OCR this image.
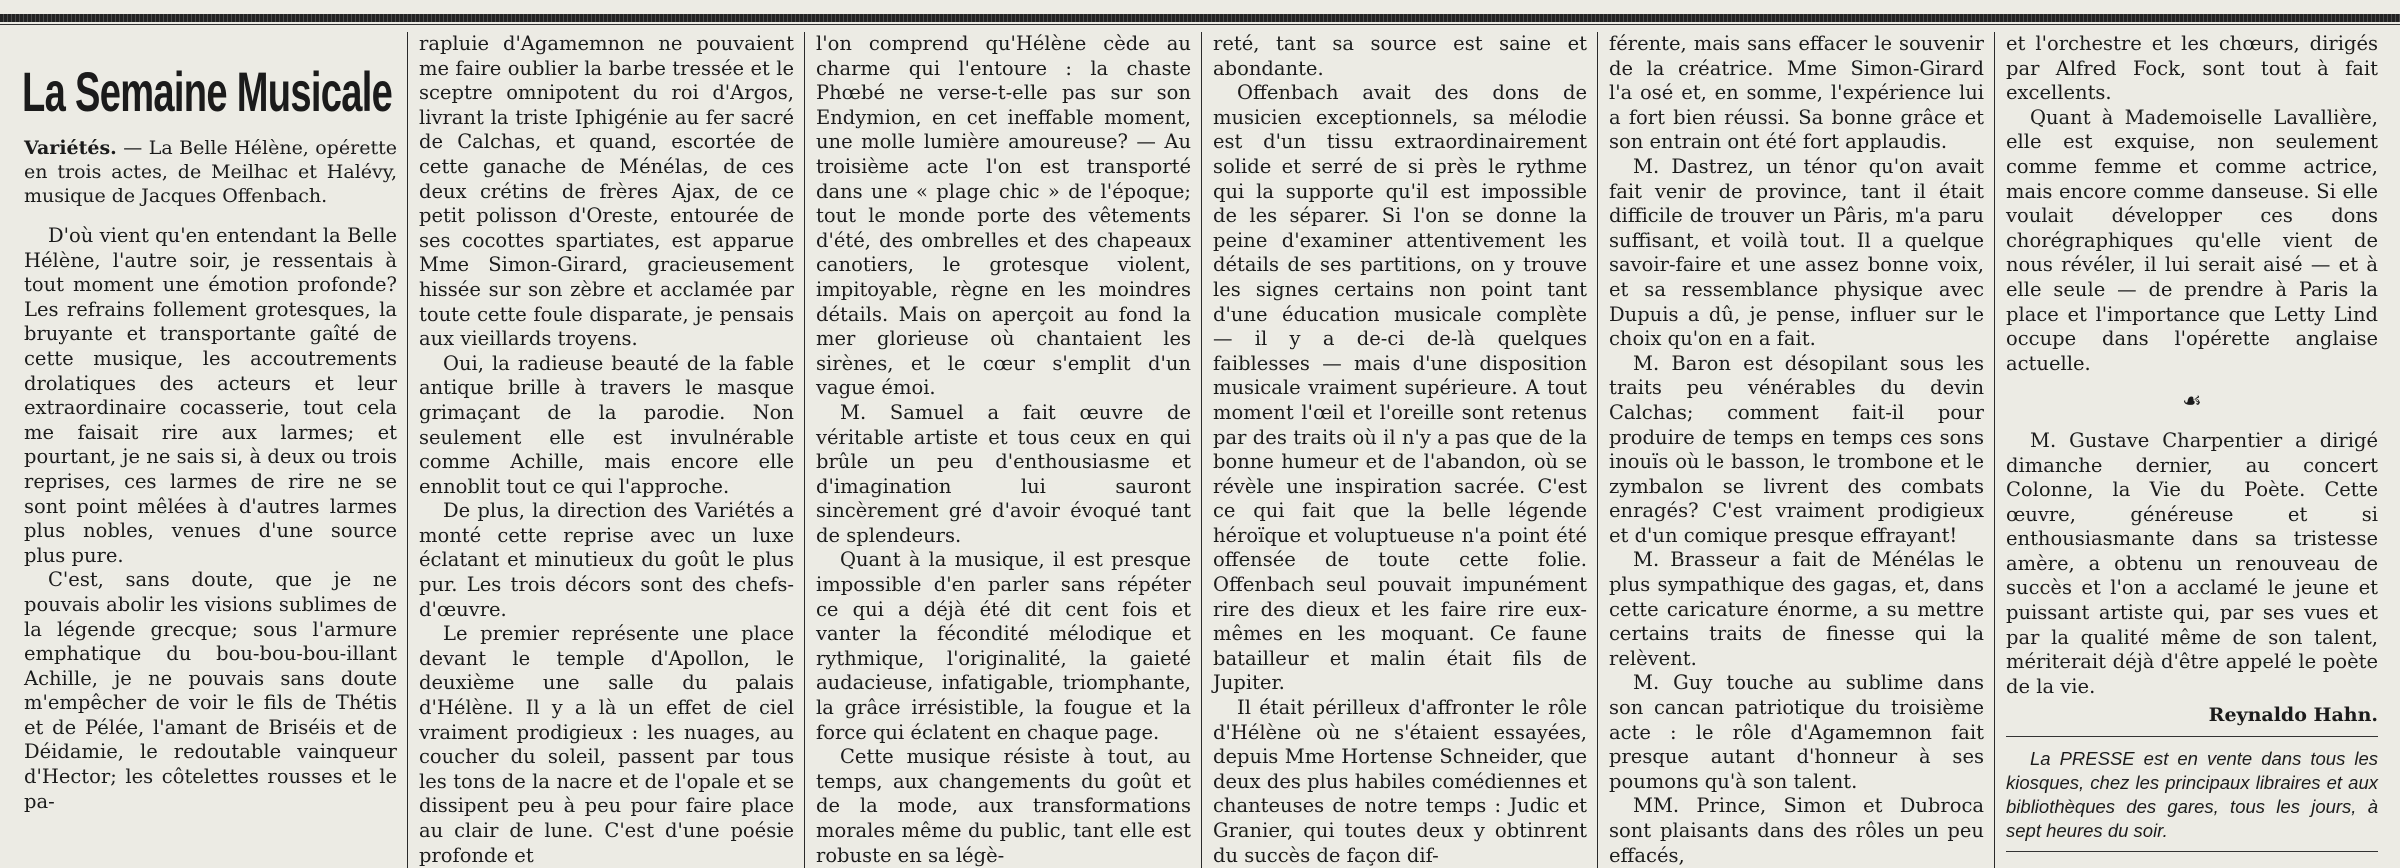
La Semaine Musicale
Variétés. — La Belle Hélène, opérette en trois actes, de Meilhac et Halévy, musique de Jacques Offenbach.

D'où vient qu'en entendant la Belle Hélène, l'autre soir, je ressentais à tout moment une émotion profonde? Les refrains follement grotesques, la bruyante et transportante gaîté de cette musique, les accoutrements drolatiques des acteurs et leur extraordinaire cocasserie, tout cela me faisait rire aux larmes; et pourtant, je ne sais si, à deux ou trois reprises, ces larmes de rire ne se sont point mêlées à d'autres larmes plus nobles, venues d'une source plus pure.

C'est, sans doute, que je ne pouvais abolir les visions sublimes de la légende grecque; sous l'armure emphatique du bou-bou-bou-illant Achille, je ne pouvais sans doute m'empêcher de voir le fils de Thétis et de Pélée, l'amant de Briséis et de Déidamie, le redoutable vainqueur d'Hector; les côtelettes rousses et le pa-

rapluie d'Agamemnon ne pouvaient me faire oublier la barbe tressée et le sceptre omnipotent du roi d'Argos, livrant la triste Iphigénie au fer sacré de Calchas, et quand, escortée de cette ganache de Ménélas, de ces deux crétins de frères Ajax, de ce petit polisson d'Oreste, entourée de ses cocottes spartiates, est apparue Mme Simon-Girard, gracieusement hissée sur son zèbre et acclamée par toute cette foule disparate, je pensais aux vieillards troyens.

Oui, la radieuse beauté de la fable antique brille à travers le masque grimaçant de la parodie. Non seulement elle est invulnérable comme Achille, mais encore elle ennoblit tout ce qui l'approche.

De plus, la direction des Variétés a monté cette reprise avec un luxe éclatant et minutieux du goût le plus pur. Les trois décors sont des chefs-d'œuvre.

Le premier représente une place devant le temple d'Apollon, le deuxième une salle du palais d'Hélène. Il y a là un effet de ciel vraiment prodigieux : les nuages, au coucher du soleil, passent par tous les tons de la nacre et de l'opale et se dissipent peu à peu pour faire place au clair de lune. C'est d'une poésie profonde et

l'on comprend qu'Hélène cède au charme qui l'entoure : la chaste Phœbé ne verse-t-elle pas sur son Endymion, en cet ineffable moment, une molle lumière amoureuse? — Au troisième acte l'on est transporté dans une « plage chic » de l'époque; tout le monde porte des vêtements d'été, des ombrelles et des chapeaux canotiers, le grotesque violent, impitoyable, règne en les moindres détails. Mais on aperçoit au fond la mer glorieuse où chantaient les sirènes, et le cœur s'emplit d'un vague émoi.

M. Samuel a fait œuvre de véritable artiste et tous ceux en qui brûle un peu d'enthousiasme et d'imagination lui sauront sincèrement gré d'avoir évoqué tant de splendeurs.

Quant à la musique, il est presque impossible d'en parler sans répéter ce qui a déjà été dit cent fois et vanter la fécondité mélodique et rythmique, l'originalité, la gaieté audacieuse, infatigable, triomphante, la grâce irrésistible, la fougue et la force qui éclatent en chaque page.

Cette musique résiste à tout, au temps, aux changements du goût et de la mode, aux transformations morales même du public, tant elle est robuste en sa légè-

reté, tant sa source est saine et abondante.

Offenbach avait des dons de musicien exceptionnels, sa mélodie est d'un tissu extraordinairement solide et serré de si près le rythme qui la supporte qu'il est impossible de les séparer. Si l'on se donne la peine d'examiner attentivement les détails de ses partitions, on y trouve les signes certains non point tant d'une éducation musicale complète — il y a de-ci de-là quelques faiblesses — mais d'une disposition musicale vraiment supérieure. A tout moment l'œil et l'oreille sont retenus par des traits où il n'y a pas que de la bonne humeur et de l'abandon, où se révèle une inspiration sacrée. C'est ce qui fait que la belle légende héroïque et voluptueuse n'a point été offensée de toute cette folie. Offenbach seul pouvait impunément rire des dieux et les faire rire eux-mêmes en les moquant. Ce faune batailleur et malin était fils de Jupiter.

Il était périlleux d'affronter le rôle d'Hélène où ne s'étaient essayées, depuis Mme Hortense Schneider, que deux des plus habiles comédiennes et chanteuses de notre temps : Judic et Granier, qui toutes deux y obtinrent du succès de façon dif-

férente, mais sans effacer le souvenir de la créatrice. Mme Simon-Girard l'a osé et, en somme, l'expérience lui a fort bien réussi. Sa bonne grâce et son entrain ont été fort applaudis.

M. Dastrez, un ténor qu'on avait fait venir de province, tant il était difficile de trouver un Pâris, m'a paru suffisant, et voilà tout. Il a quelque savoir-faire et une assez bonne voix, et sa ressemblance physique avec Dupuis a dû, je pense, influer sur le choix qu'on en a fait.

M. Baron est désopilant sous les traits peu vénérables du devin Calchas; comment fait-il pour produire de temps en temps ces sons inouïs où le basson, le trombone et le zymbalon se livrent des combats enragés? C'est vraiment prodigieux et d'un comique presque effrayant!

M. Brasseur a fait de Ménélas le plus sympathique des gagas, et, dans cette caricature énorme, a su mettre certains traits de finesse qui la relèvent.

M. Guy touche au sublime dans son cancan patriotique du troisième acte : le rôle d'Agamemnon fait presque autant d'honneur à ses poumons qu'à son talent.

MM. Prince, Simon et Dubroca sont plaisants dans des rôles un peu effacés,

et l'orchestre et les chœurs, dirigés par Alfred Fock, sont tout à fait excellents.

Quant à Mademoiselle Lavallière, elle est exquise, non seulement comme femme et comme actrice, mais encore comme danseuse. Si elle voulait développer ces dons chorégraphiques qu'elle vient de nous révéler, il lui serait aisé — et à elle seule — de prendre à Paris la place et l'importance que Letty Lind occupe dans l'opérette anglaise actuelle.

☙

M. Gustave Charpentier a dirigé dimanche dernier, au concert Colonne, la Vie du Poète. Cette œuvre, généreuse et si enthousiasmante dans sa tristesse amère, a obtenu un renouveau de succès et l'on a acclamé le jeune et puissant artiste qui, par ses vues et par la qualité même de son talent, mériterait déjà d'être appelé le poète de la vie.

Reynaldo Hahn.
La PRESSE est en vente dans tous les kiosques, chez les principaux libraires et aux bibliothèques des gares, tous les jours, à sept heures du soir.
